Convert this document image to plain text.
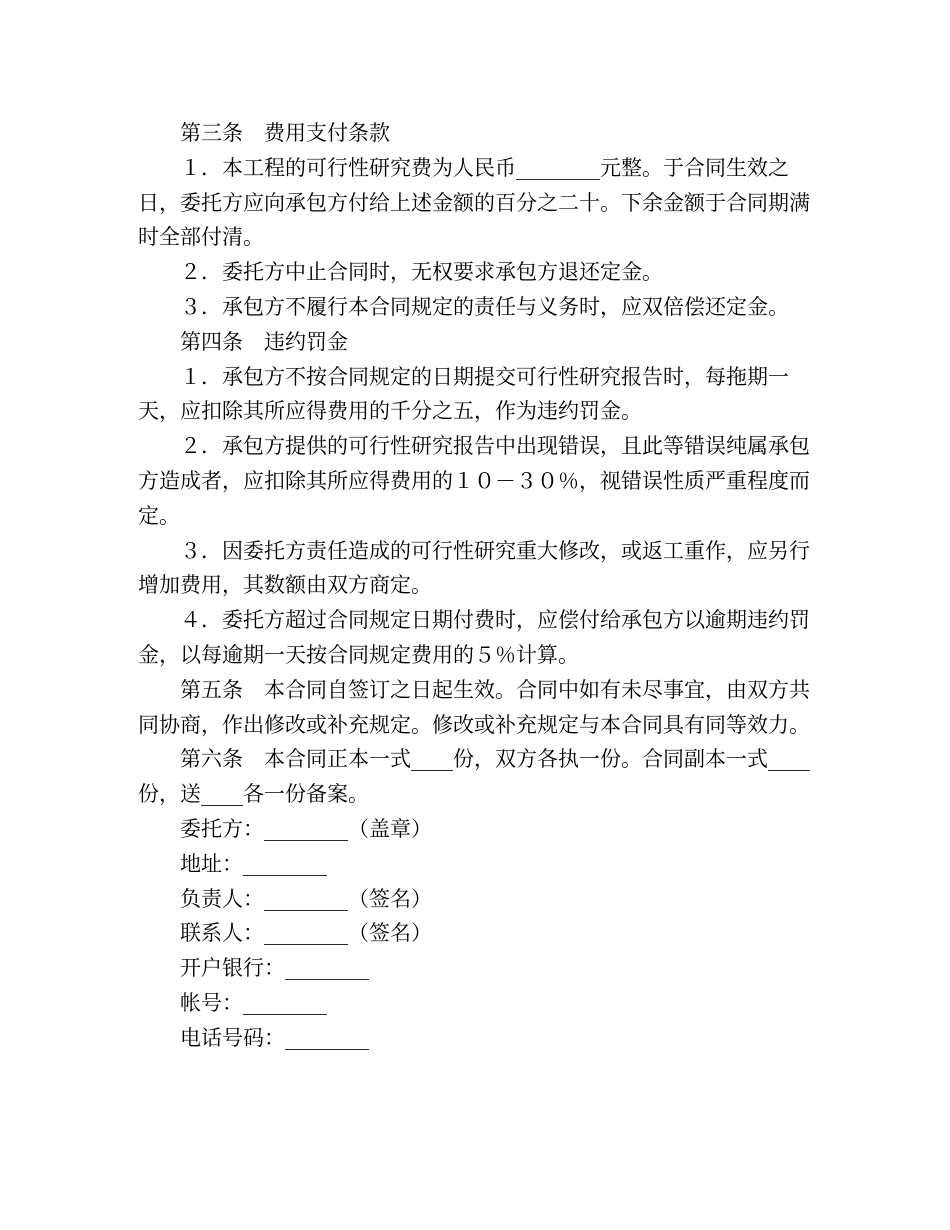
第三条　费用支付条款

１．本工程的可行性研究费为人民币________元整。于合同生效之日，委托方应向承包方付给上述金额的百分之二十。下余金额于合同期满时全部付清。

２．委托方中止合同时，无权要求承包方退还定金。

３．承包方不履行本合同规定的责任与义务时，应双倍偿还定金。

第四条　违约罚金

１．承包方不按合同规定的日期提交可行性研究报告时，每拖期一天，应扣除其所应得费用的千分之五，作为违约罚金。

２．承包方提供的可行性研究报告中出现错误，且此等错误纯属承包方造成者，应扣除其所应得费用的１０－３０％，视错误性质严重程度而定。

３．因委托方责任造成的可行性研究重大修改，或返工重作，应另行增加费用，其数额由双方商定。

４．委托方超过合同规定日期付费时，应偿付给承包方以逾期违约罚金，以每逾期一天按合同规定费用的５％计算。

第五条　本合同自签订之日起生效。合同中如有未尽事宜，由双方共同协商，作出修改或补充规定。修改或补充规定与本合同具有同等效力。

第六条　本合同正本一式____份，双方各执一份。合同副本一式____份，送____各一份备案。

委托方：________（盖章）

地址：________

负责人：________（签名）

联系人：________（签名）

开户银行：________

帐号：________

电话号码：________
